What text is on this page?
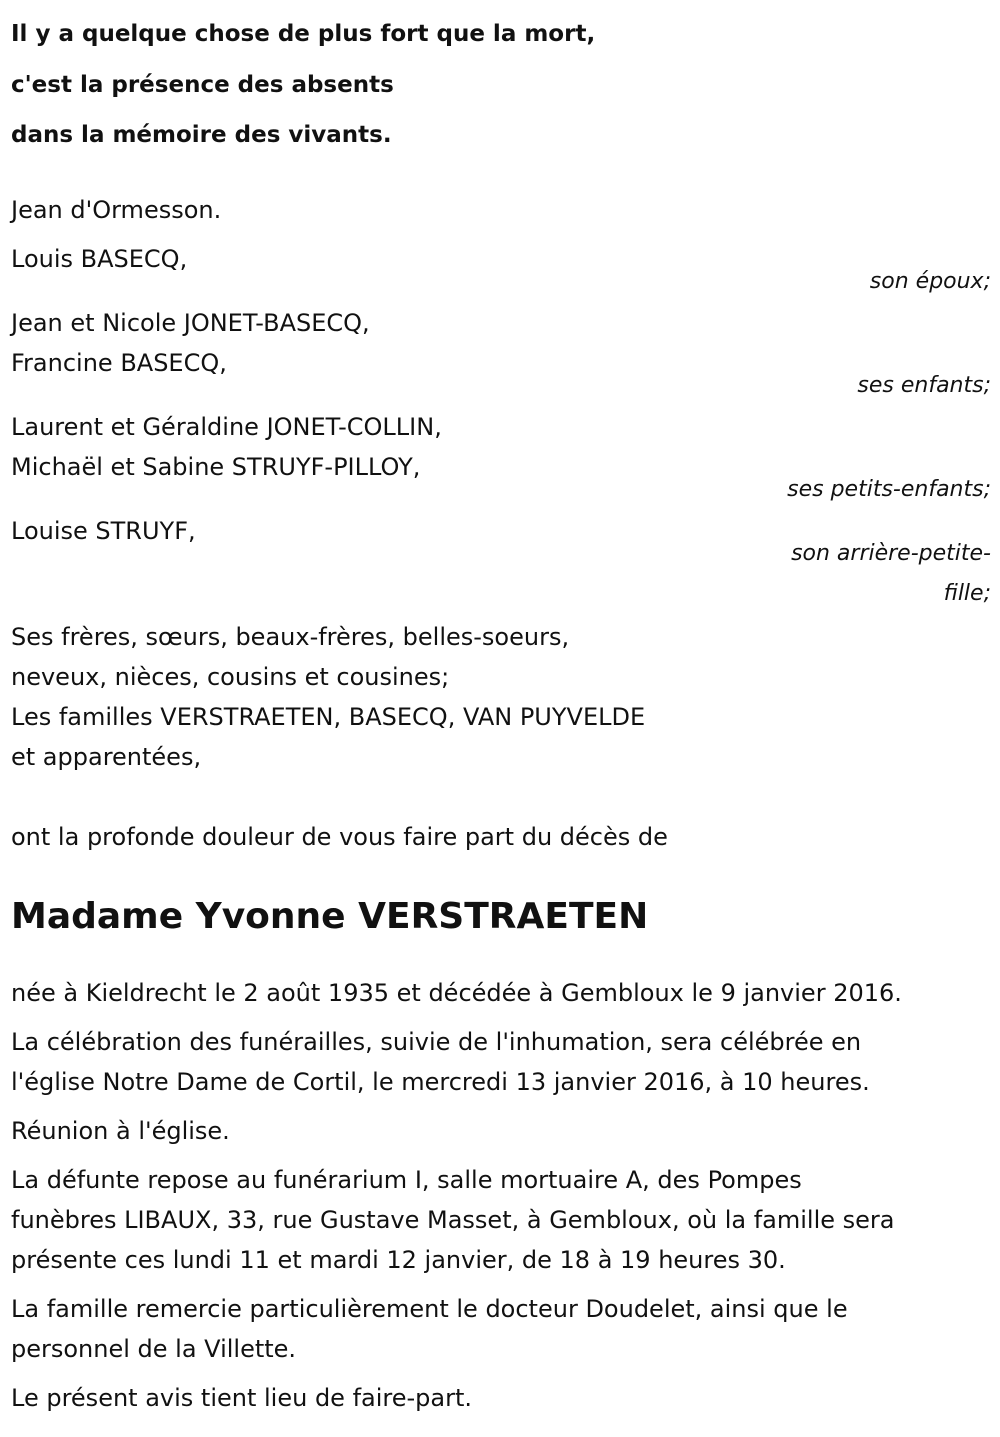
Il y a quelque chose de plus fort que la mort,
c'est la présence des absents
dans la mémoire des vivants.
Jean d'Ormesson.
Louis BASECQ,
son époux;
Jean et Nicole JONET-BASECQ,
Francine BASECQ,
ses enfants;
Laurent et Géraldine JONET-COLLIN,
Michaël et Sabine STRUYF-PILLOY,
ses petits-enfants;
Louise STRUYF,
son arrière-petite-fille;
Ses frères, sœurs, beaux-frères, belles-soeurs,
neveux, nièces, cousins et cousines;
Les familles VERSTRAETEN, BASECQ, VAN PUYVELDE
et apparentées,
ont la profonde douleur de vous faire part du décès de
Madame Yvonne VERSTRAETEN
née à Kieldrecht le 2 août 1935 et décédée à Gembloux le 9 janvier 2016.
La célébration des funérailles, suivie de l'inhumation, sera célébrée en
l'église Notre Dame de Cortil, le mercredi 13 janvier 2016, à 10 heures.
Réunion à l'église.
La défunte repose au funérarium I, salle mortuaire A, des Pompes
funèbres LIBAUX, 33, rue Gustave Masset, à Gembloux, où la famille sera
présente ces lundi 11 et mardi 12 janvier, de 18 à 19 heures 30.
La famille remercie particulièrement le docteur Doudelet, ainsi que le
personnel de la Villette.
Le présent avis tient lieu de faire-part.
